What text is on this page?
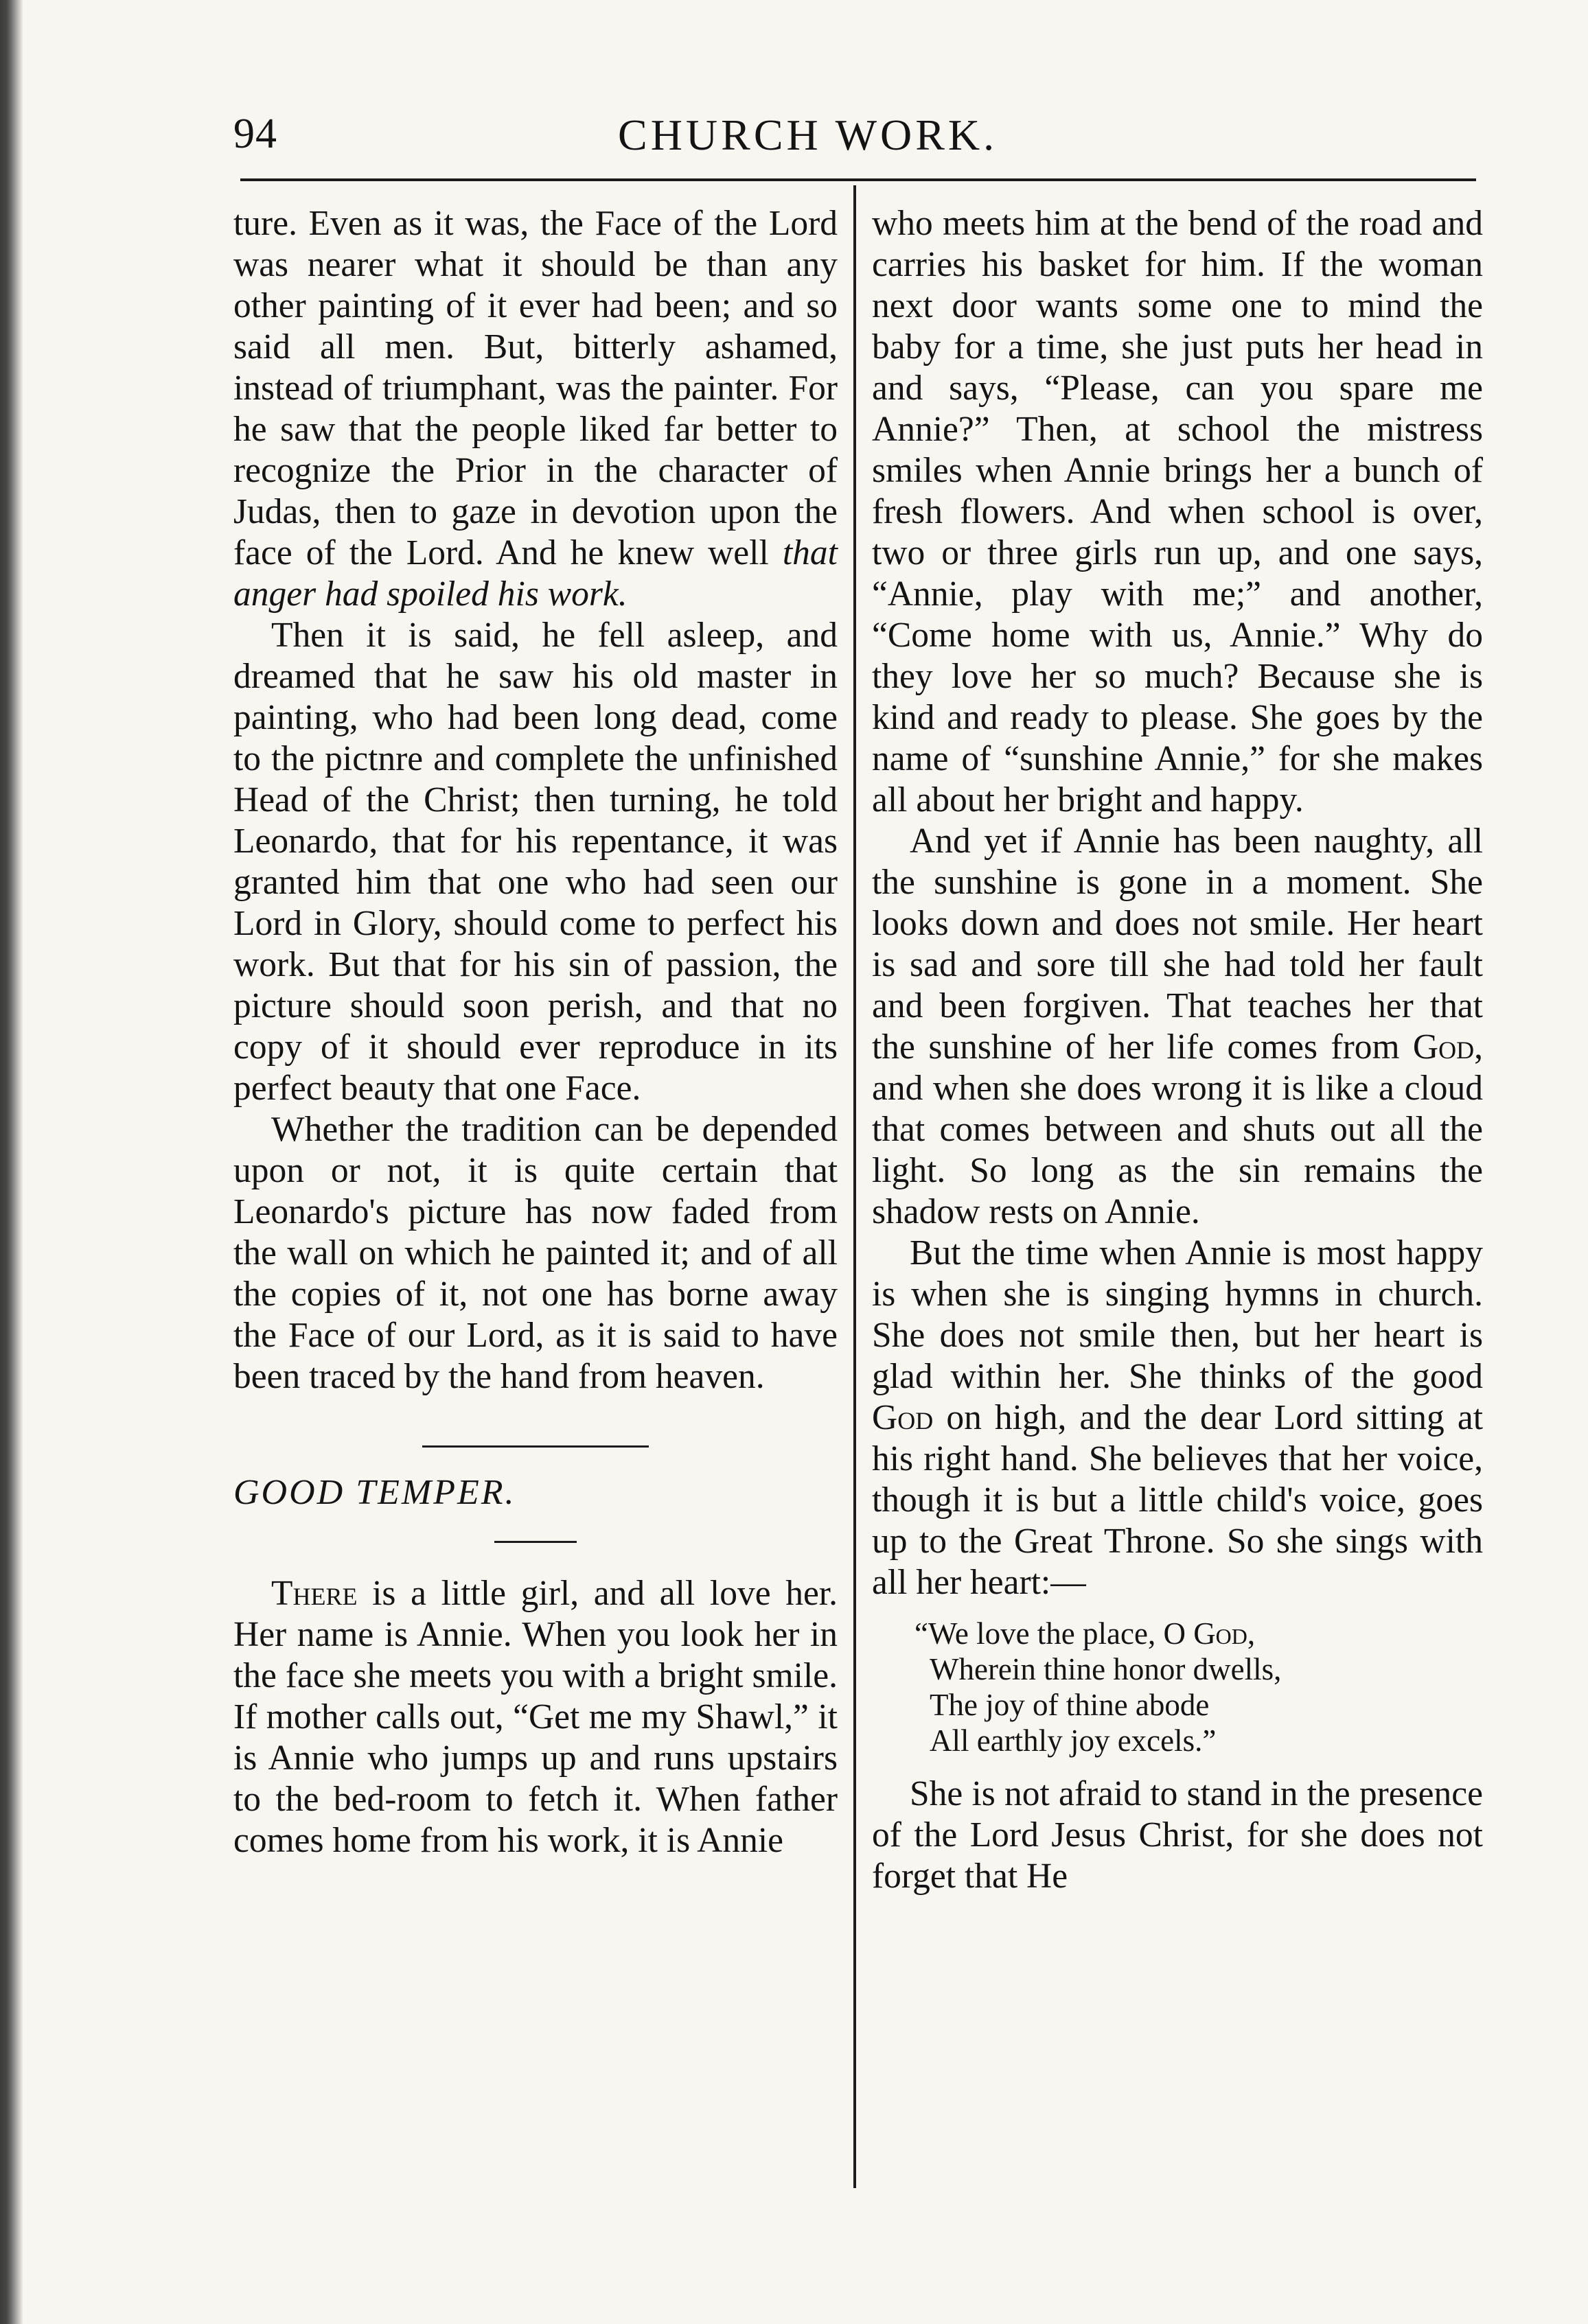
94	CHURCH WORK.

ture. Even as it was, the Face of the Lord was nearer what it should be than any other painting of it ever had been; and so said all men. But, bitterly ashamed, instead of triumphant, was the painter. For he saw that the people liked far better to recognize the Prior in the character of Judas, then to gaze in devotion upon the face of the Lord. And he knew well that anger had spoiled his work.

Then it is said, he fell asleep, and dreamed that he saw his old master in painting, who had been long dead, come to the pictnre and complete the unfinished Head of the Christ; then turning, he told Leonardo, that for his repentance, it was granted him that one who had seen our Lord in Glory, should come to perfect his work. But that for his sin of passion, the picture should soon perish, and that no copy of it should ever reproduce in its perfect beauty that one Face.

Whether the tradition can be depended upon or not, it is quite certain that Leonardo's picture has now faded from the wall on which he painted it; and of all the copies of it, not one has borne away the Face of our Lord, as it is said to have been traced by the hand from heaven.

GOOD TEMPER.

There is a little girl, and all love her. Her name is Annie. When you look her in the face she meets you with a bright smile. If mother calls out, “Get me my Shawl,” it is Annie who jumps up and runs upstairs to the bed-room to fetch it. When father comes home from his work, it is Annie

who meets him at the bend of the road and carries his basket for him. If the woman next door wants some one to mind the baby for a time, she just puts her head in and says, “Please, can you spare me Annie?” Then, at school the mistress smiles when Annie brings her a bunch of fresh flowers. And when school is over, two or three girls run up, and one says, “Annie, play with me;” and another, “Come home with us, Annie.” Why do they love her so much? Because she is kind and ready to please. She goes by the name of “sunshine Annie,” for she makes all about her bright and happy.

And yet if Annie has been naughty, all the sunshine is gone in a moment. She looks down and does not smile. Her heart is sad and sore till she had told her fault and been forgiven. That teaches her that the sunshine of her life comes from God, and when she does wrong it is like a cloud that comes between and shuts out all the light. So long as the sin remains the shadow rests on Annie.

But the time when Annie is most happy is when she is singing hymns in church. She does not smile then, but her heart is glad within her. She thinks of the good God on high, and the dear Lord sitting at his right hand. She believes that her voice, though it is but a little child's voice, goes up to the Great Throne. So she sings with all her heart:—

“We love the place, O God,
Wherein thine honor dwells,
The joy of thine abode
All earthly joy excels.”

She is not afraid to stand in the presence of the Lord Jesus Christ, for she does not forget that He
